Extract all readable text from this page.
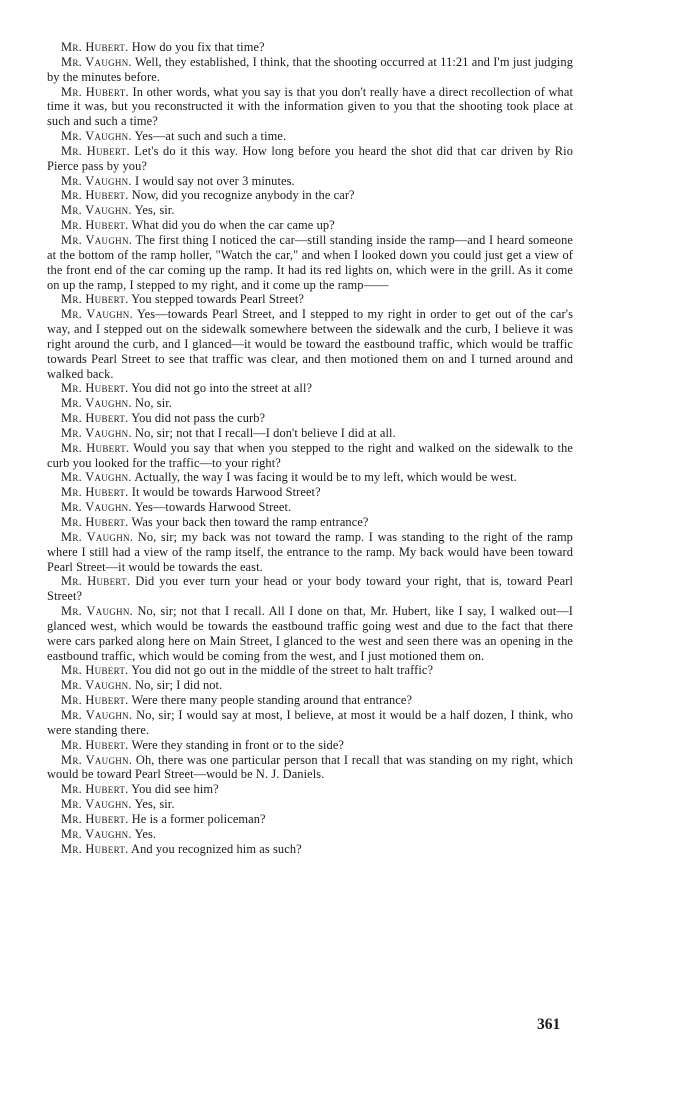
Mr. Hubert. How do you fix that time?

Mr. Vaughn. Well, they established, I think, that the shooting occurred at 11:21 and I'm just judging by the minutes before.

Mr. Hubert. In other words, what you say is that you don't really have a direct recollection of what time it was, but you reconstructed it with the information given to you that the shooting took place at such and such a time?

Mr. Vaughn. Yes—at such and such a time.

Mr. Hubert. Let's do it this way. How long before you heard the shot did that car driven by Rio Pierce pass by you?

Mr. Vaughn. I would say not over 3 minutes.

Mr. Hubert. Now, did you recognize anybody in the car?

Mr. Vaughn. Yes, sir.

Mr. Hubert. What did you do when the car came up?

Mr. Vaughn. The first thing I noticed the car—still standing inside the ramp—and I heard someone at the bottom of the ramp holler, "Watch the car," and when I looked down you could just get a view of the front end of the car coming up the ramp. It had its red lights on, which were in the grill. As it come on up the ramp, I stepped to my right, and it come up the ramp——

Mr. Hubert. You stepped towards Pearl Street?

Mr. Vaughn. Yes—towards Pearl Street, and I stepped to my right in order to get out of the car's way, and I stepped out on the sidewalk somewhere between the sidewalk and the curb, I believe it was right around the curb, and I glanced—it would be toward the eastbound traffic, which would be traffic towards Pearl Street to see that traffic was clear, and then motioned them on and I turned around and walked back.

Mr. Hubert. You did not go into the street at all?

Mr. Vaughn. No, sir.

Mr. Hubert. You did not pass the curb?

Mr. Vaughn. No, sir; not that I recall—I don't believe I did at all.

Mr. Hubert. Would you say that when you stepped to the right and walked on the sidewalk to the curb you looked for the traffic—to your right?

Mr. Vaughn. Actually, the way I was facing it would be to my left, which would be west.

Mr. Hubert. It would be towards Harwood Street?

Mr. Vaughn. Yes—towards Harwood Street.

Mr. Hubert. Was your back then toward the ramp entrance?

Mr. Vaughn. No, sir; my back was not toward the ramp. I was standing to the right of the ramp where I still had a view of the ramp itself, the entrance to the ramp. My back would have been toward Pearl Street—it would be towards the east.

Mr. Hubert. Did you ever turn your head or your body toward your right, that is, toward Pearl Street?

Mr. Vaughn. No, sir; not that I recall. All I done on that, Mr. Hubert, like I say, I walked out—I glanced west, which would be towards the eastbound traffic going west and due to the fact that there were cars parked along here on Main Street, I glanced to the west and seen there was an opening in the eastbound traffic, which would be coming from the west, and I just motioned them on.

Mr. Hubert. You did not go out in the middle of the street to halt traffic?

Mr. Vaughn. No, sir; I did not.

Mr. Hubert. Were there many people standing around that entrance?

Mr. Vaughn. No, sir; I would say at most, I believe, at most it would be a half dozen, I think, who were standing there.

Mr. Hubert. Were they standing in front or to the side?

Mr. Vaughn. Oh, there was one particular person that I recall that was standing on my right, which would be toward Pearl Street—would be N. J. Daniels.

Mr. Hubert. You did see him?

Mr. Vaughn. Yes, sir.

Mr. Hubert. He is a former policeman?

Mr. Vaughn. Yes.

Mr. Hubert. And you recognized him as such?

361
